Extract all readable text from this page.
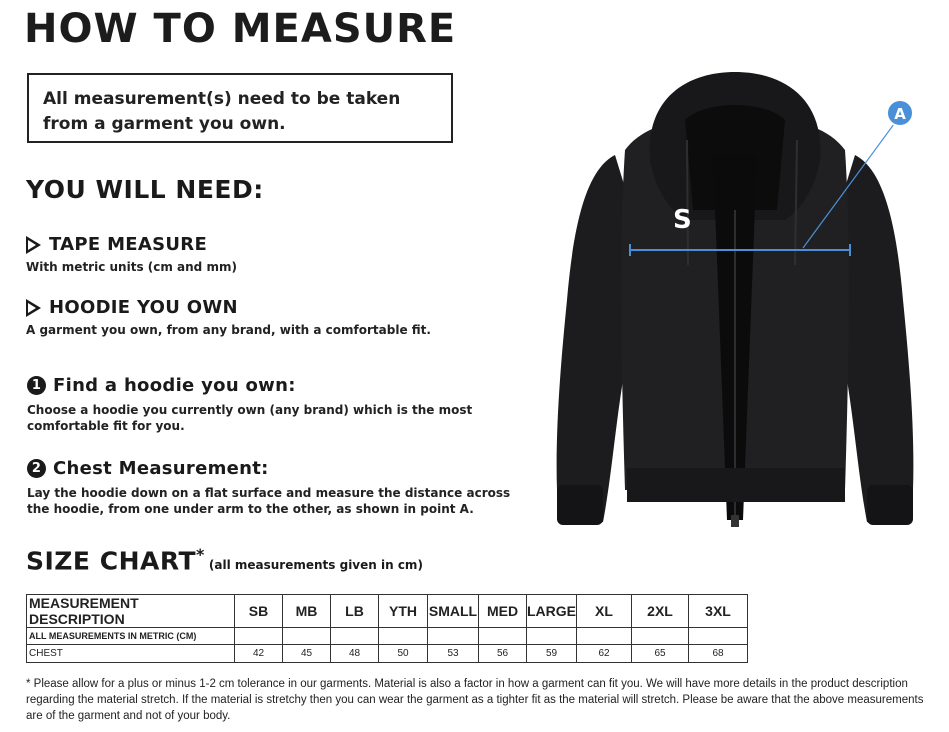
HOW TO MEASURE
All measurement(s) need to be taken from a garment you own.
YOU WILL NEED:
TAPE MEASURE
With metric units (cm and mm)
HOODIE YOU OWN
A garment you own, from any brand, with a comfortable fit.
1 Find a hoodie you own:
Choose a hoodie you currently own (any brand) which is the most comfortable fit for you.
2 Chest Measurement:
Lay the hoodie down on a flat surface and measure the distance across the hoodie, from one under arm to the other, as shown in point A.
SIZE CHART*(all measurements given in cm)
MEASUREMENT DESCRIPTION	SB	MB	LB	YTH	SMALL	MED	LARGE	XL	2XL	3XL
ALL MEASUREMENTS IN METRIC (CM)										
CHEST	42	45	48	50	53	56	59	62	65	68
* Please allow for a plus or minus 1-2 cm tolerance in our garments. Material is also a factor in how a garment can fit you. We will have more details in the product description regarding the material stretch. If the material is stretchy then you can wear the garment as a tighter fit as the material will stretch. Please be aware that the above measurements are of the garment and not of your body.
S
A
